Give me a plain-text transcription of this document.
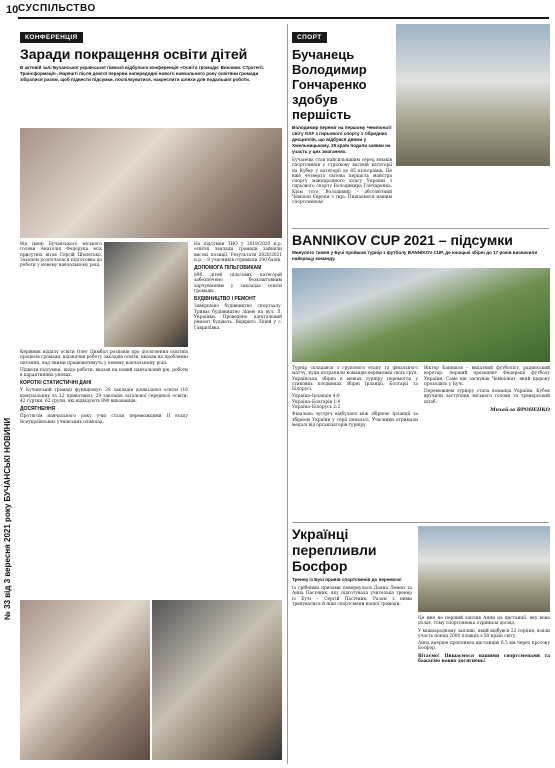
10 СУСПІЛЬСТВО
№ 33 від 3 вересня 2021 року БУЧАНСЬКІ НОВИНИ
КОНФЕРЕНЦІЯ
Заради покращення освіти дітей
В актовій залі Бучанської української гімназії відбулася конференція «Освіта громади: Виклики. Стратегії. Трансформації». Нарешті після довгої перерви напередодні нового навчального року освітяни громади зібралися разом, щоб підвести підсумки, поспілкуватися, накреслити шляхи для подальшої роботи.
Від імені Бучанського міського голови Анатолія Федорука всіх присутніх вітав Сергій Шепетько. Заходом розпочалася підготовка до роботи у новому навчальному році.
Керівник відділу освіти Олег Цимбал розповів про досягнення освітніх процесів громади, відзначив роботу закладів освіти, вказав на проблемні питання, над якими працюватимуть у новому навчальному році.
Підвели підсумки, щодо роботи, вказав на новий навчальний рік, роботи в карантинних умовах.
КОРОТКІ СТАТИСТИЧНІ ДАНІ
У Бучанській громаді функціонує: 28 закладів дошкільної освіти (16 комунальних та 12 приватних); 29 закладів загальної середньої освіти; 42 гуртки, 62 групи, які відвідують 890 вихованців.
ДОСЯГНЕННЯ
Протягом навчального року учні стали переможцями ІІ етапу Всеукраїнських учнівських олімпіад.
На підсумки ЗНО у 2019/2020 н.р. освітні заклади громади зайняли високі позиції. Результати 2020/2021 н.р. – 8 учасників отримали 200 балів.
ДОПОМОГА ПІЛЬГОВИКАМ
896 дітей пільгових категорій забезпечено безкоштовним харчуванням у закладах освіти громади.
БУДІВНИЦТВО І РЕМОНТ
Завершено будівництво спортзалу. Триває будівництво ліцею на вул. Л. Українки. Проведено капітальний ремонт будівель. Відкрито Ліцей у с. Гаврилівка.
СПОРТ
Бучанець Володимир Гончаренко здобув першість
Володимир переміг на першому Чемпіонаті світу GSF з гирьового спорту з гібридних дисциплін, що відбувся днями у Хмельницькому. 25 країн подали заявки на участь у цих змаганнях.
Бучанець став найсильнішим серед юнаків спортсменів у стрілкову ваговій категорії на Кубку у категорії до 85 кілограмів. Це вже четверта світова першість майстра спорту міжнародного класу України з гирьового спорту Володимира Гончаренка. Крім того, Володимир – абсолютний Чемпіон Європи з гирі. Пишаємося нашим спортсменом!
BANNIKOV CUP 2021 – підсумки
Минулого тижня у Бучі пройшов турнір з футболу BANNIKOV CUP, де юнацькі збірні до 17 років визначили найкращу команду.
Турнір складався з групового етапу та фінального матчу, куди потрапили команди-переможці своїх груп. Українська збірна в межах турніру перемогла у стикових поєдинках збірні Ірландії, Болгарії та Білорусі.
Україна–Ірландія 4:0
Україна–Болгарія 1:0
Україна–Білорусь 2:2
Фінальна зустріч відбулася між збірною Ірландії та збірною України у серії пенальті. Учасники отримали медалі від організаторів турніру.
Віктор Банніков – видатний футболіст, радянський воротар, перший президент Федерації футболу України. Саме він заснував Чемпіонат, який щороку проходить у Бучі.
Переможцем турніру стала команда України. Кубок вручили заступник міського голови та тренерський штаб.
Михайло ВРОНЕНКО
Українці перепливли Босфор
Тренер із Бучі привів спортсменів до перемоги!
Із срібними призами повернулася Даяна Лемон та Анна Пасічник, яку підготувала учителька тренер із Бучі – Сергій Пасічник. Разом з ними тренувалися й інші спортсмени нашої громади.
Це вже не перший заплив Анни на дистанції, яку вона долає, тому спортсменка отримала досвід.
У міжнародному запливі, який відбувся 22 серпня, взяли участь понад 2000 плавців з 50 країн світу.
Анна вперше пропливла дистанцію 6.5 км через протоку Босфор.
Вітаємо! Пишаємося нашими спортсменами та бажаємо нових досягнень!
